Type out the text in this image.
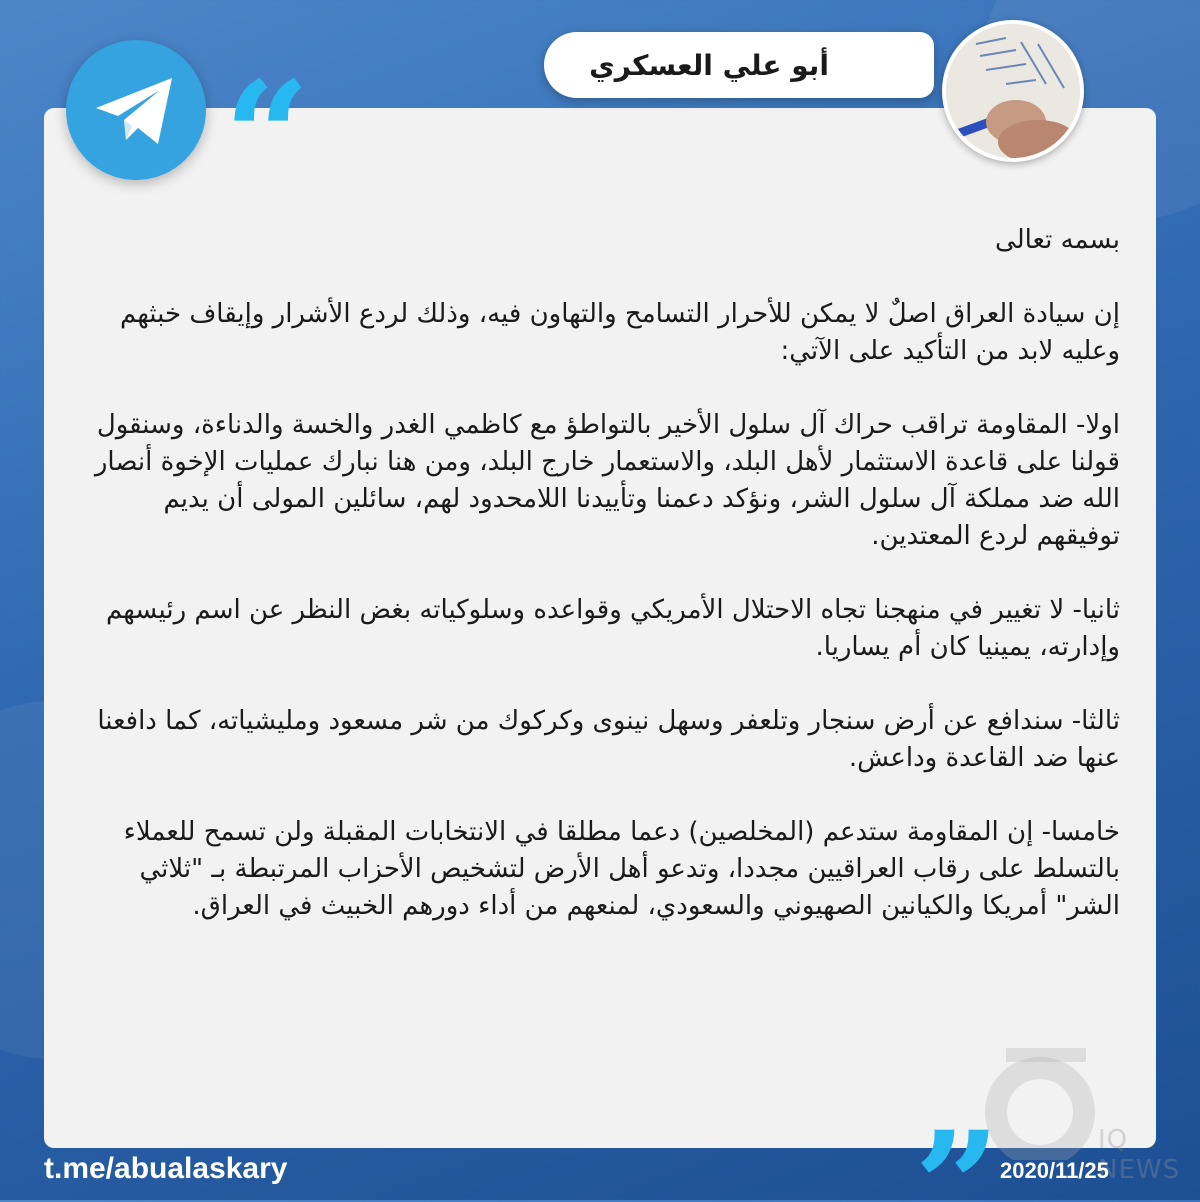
“	أبو علي العسكري

بسمه تعالى

إن سيادة العراق اصلٌ لا يمكن للأحرار التسامح والتهاون فيه، وذلك لردع الأشرار وإيقاف خبثهم وعليه لابد من التأكيد على الآتي:

اولا- المقاومة تراقب حراك آل سلول الأخير بالتواطؤ مع كاظمي الغدر والخسة والدناءة، وسنقول قولنا على قاعدة الاستثمار لأهل البلد، والاستعمار خارج البلد، ومن هنا نبارك عمليات الإخوة أنصار الله ضد مملكة آل سلول الشر، ونؤكد دعمنا وتأييدنا اللامحدود لهم، سائلين المولى أن يديم توفيقهم لردع المعتدين.

ثانيا- لا تغيير في منهجنا تجاه الاحتلال الأمريكي وقواعده وسلوكياته بغض النظر عن اسم رئيسهم وإدارته، يمينيا كان أم يساريا.

ثالثا- سندافع عن أرض سنجار وتلعفر وسهل نينوى وكركوك من شر مسعود ومليشياته، كما دافعنا عنها ضد القاعدة وداعش.

خامسا- إن المقاومة ستدعم (المخلصين) دعما مطلقا في الانتخابات المقبلة ولن تسمح للعملاء بالتسلط على رقاب العراقيين مجددا، وتدعو أهل الأرض لتشخيص الأحزاب المرتبطة بـ "ثلاثي الشر" أمريكا والكيانين الصهيوني والسعودي، لمنعهم من أداء دورهم الخبيث في العراق.

IQ NEWS
”
t.me/abualaskary	2020/11/25
